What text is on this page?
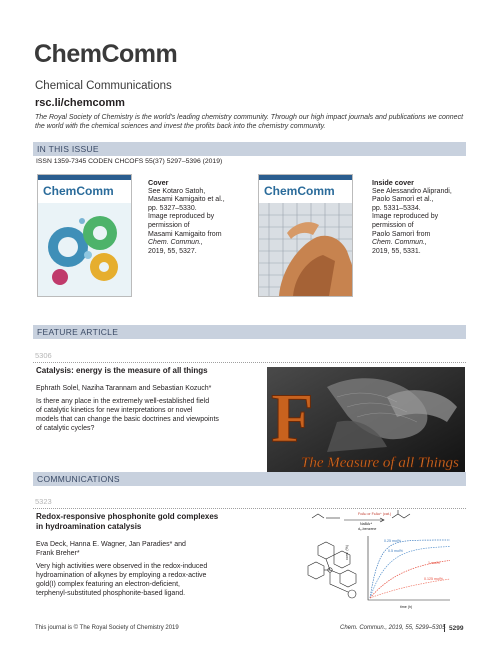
ChemComm
Chemical Communications
rsc.li/chemcomm
The Royal Society of Chemistry is the world's leading chemistry community. Through our high impact journals and publications we connect the world with the chemical sciences and invest the profits back into the chemistry community.
IN THIS ISSUE
ISSN 1359-7345 CODEN CHCOFS 55(37) 5297–5396 (2019)
ChemComm
Cover
See Kotaro Satoh,
Masami Kamigaito et al.,
pp. 5327–5330.
Image reproduced by
permission of
Masami Kamigaito from
Chem. Commun.,
2019, 55, 5327.
ChemComm
Inside cover
See Alessandro Aliprandi,
Paolo Samorì et al.,
pp. 5331–5334.
Image reproduced by
permission of
Paolo Samorì from
Chem. Commun.,
2019, 55, 5331.
FEATURE ARTICLE
5306
Catalysis: energy is the measure of all things
Ephrath Solel, Naziha Tarannam and Sebastian Kozuch*
Is there any place in the extremely well-established field
of catalytic kinetics for new interpretations or novel
models that can change the basic doctrines and viewpoints
of catalytic cycles?	F
The Measure of all Things
COMMUNICATIONS
5323
Redox-responsive phosphonite gold complexes
in hydroamination catalysis
Eva Deck, Hanna E. Wagner, Jan Paradies* and
Frank Breher*
Very high activities were observed in the redox-induced
hydroamination of alkynes by employing a redox-active
gold(I) complex featuring an electron-deficient,
terphenyl-substituted phosphonite-based ligand.
FcAu or FcAu⁺ (cat.)
NaBAr⁴
d₆-benzene
time (h)
conv. (%)
0.25 mol%
0.5 mol%
1 mol%
0.125 mol%
This journal is © The Royal Society of Chemistry 2019	Chem. Commun., 2019, 55, 5299–5305 5299
